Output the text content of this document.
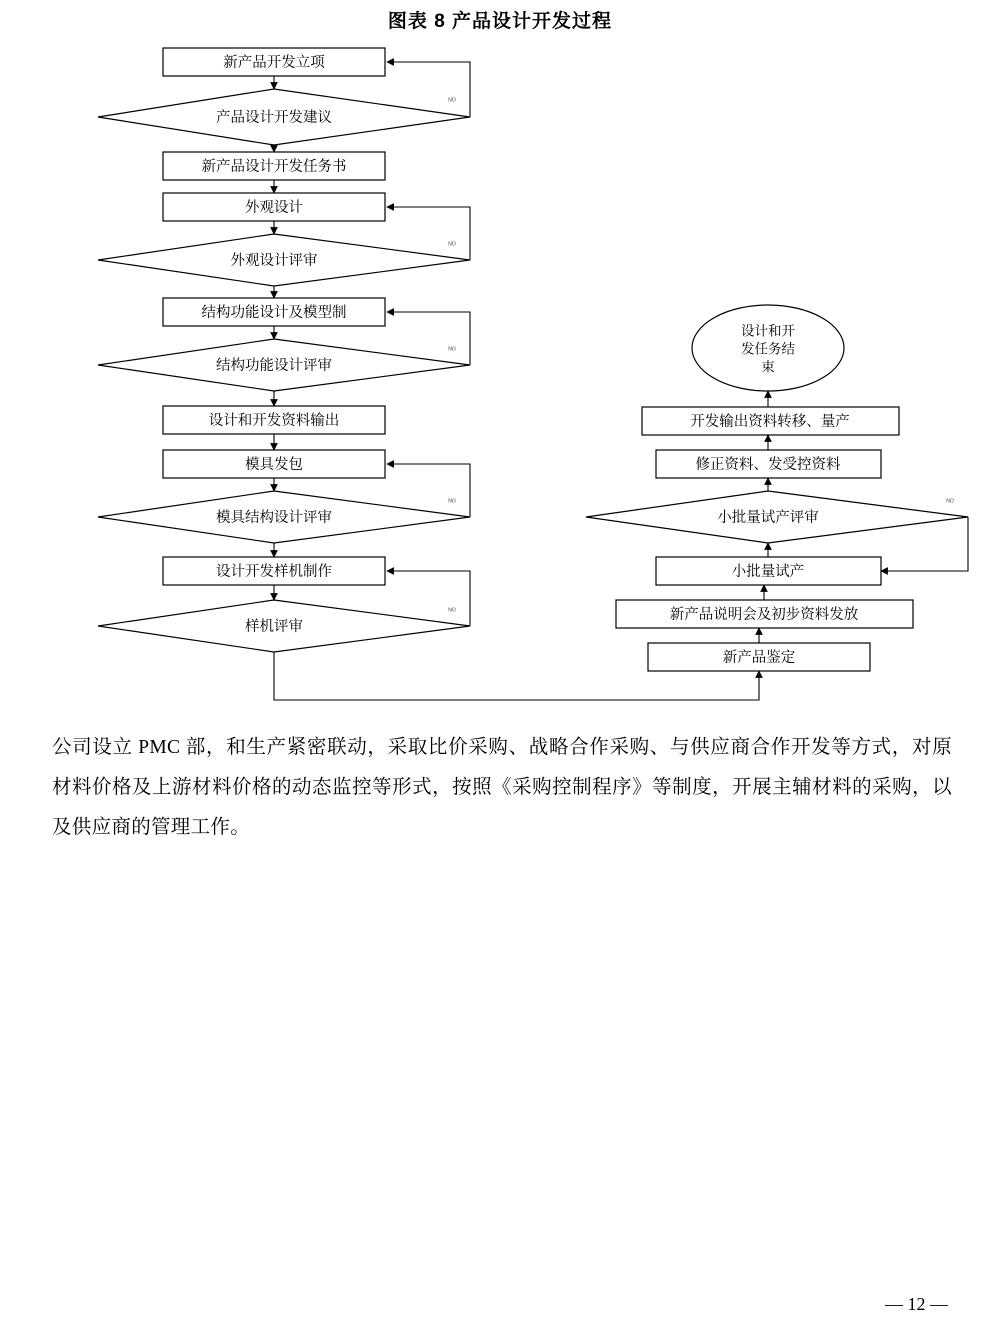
图表 8 产品设计开发过程
新产品开发立项
产品设计开发建议
NO
新产品设计开发任务书
外观设计
外观设计评审
NO
结构功能设计及模型制
结构功能设计评审
NO
设计和开发资料输出
模具发包
模具结构设计评审
NO
设计开发样机制作
样机评审
NO
设计和开
发任务结
束
开发输出资料转移、量产
修正资料、发受控资料
小批量试产评审
NO
小批量试产
新产品说明会及初步资料发放
新产品鉴定
公司设立 PMC 部，和生产紧密联动，采取比价采购、战略合作采购、与供应商合作开发等方式，对原材料价格及上游材料价格的动态监控等形式，按照《采购控制程序》等制度，开展主辅材料的采购，以及供应商的管理工作。
— 12 —
